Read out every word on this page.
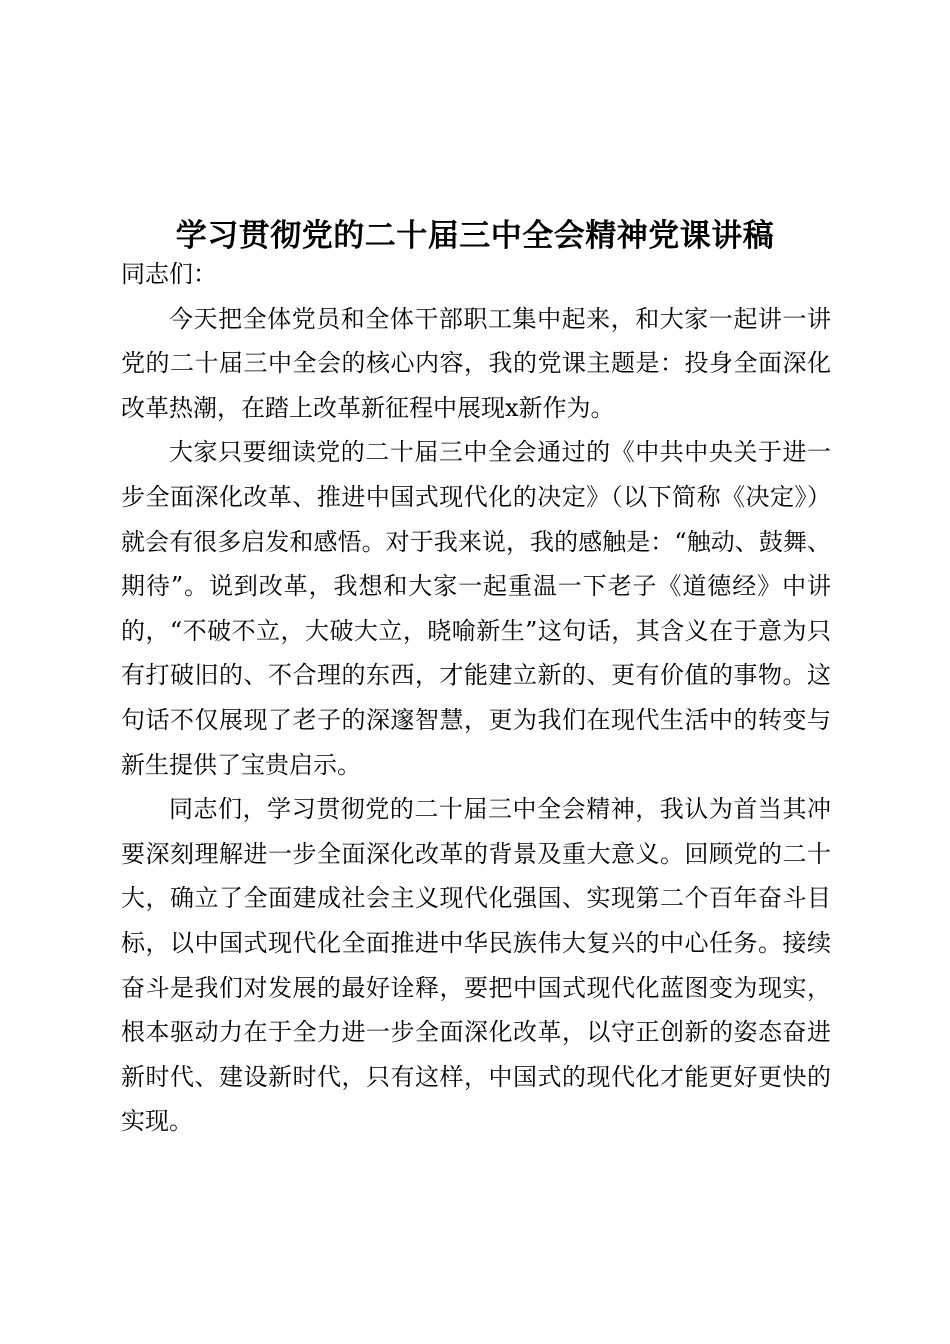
学习贯彻党的二十届三中全会精神党课讲稿

同志们：

今天把全体党员和全体干部职工集中起来，和大家一起讲一讲党的二十届三中全会的核心内容，我的党课主题是：投身全面深化改革热潮，在踏上改革新征程中展现x新作为。

大家只要细读党的二十届三中全会通过的《中共中央关于进一步全面深化改革、推进中国式现代化的决定》（以下简称《决定》）就会有很多启发和感悟。对于我来说，我的感触是：“触动、鼓舞、期待”。说到改革，我想和大家一起重温一下老子《道德经》中讲的，“不破不立，大破大立，晓喻新生”这句话，其含义在于意为只有打破旧的、不合理的东西，才能建立新的、更有价值的事物。这句话不仅展现了老子的深邃智慧，更为我们在现代生活中的转变与新生提供了宝贵启示。

同志们，学习贯彻党的二十届三中全会精神，我认为首当其冲要深刻理解进一步全面深化改革的背景及重大意义。回顾党的二十大，确立了全面建成社会主义现代化强国、实现第二个百年奋斗目标，以中国式现代化全面推进中华民族伟大复兴的中心任务。接续奋斗是我们对发展的最好诠释，要把中国式现代化蓝图变为现实，根本驱动力在于全力进一步全面深化改革，以守正创新的姿态奋进新时代、建设新时代，只有这样，中国式的现代化才能更好更快的实现。
